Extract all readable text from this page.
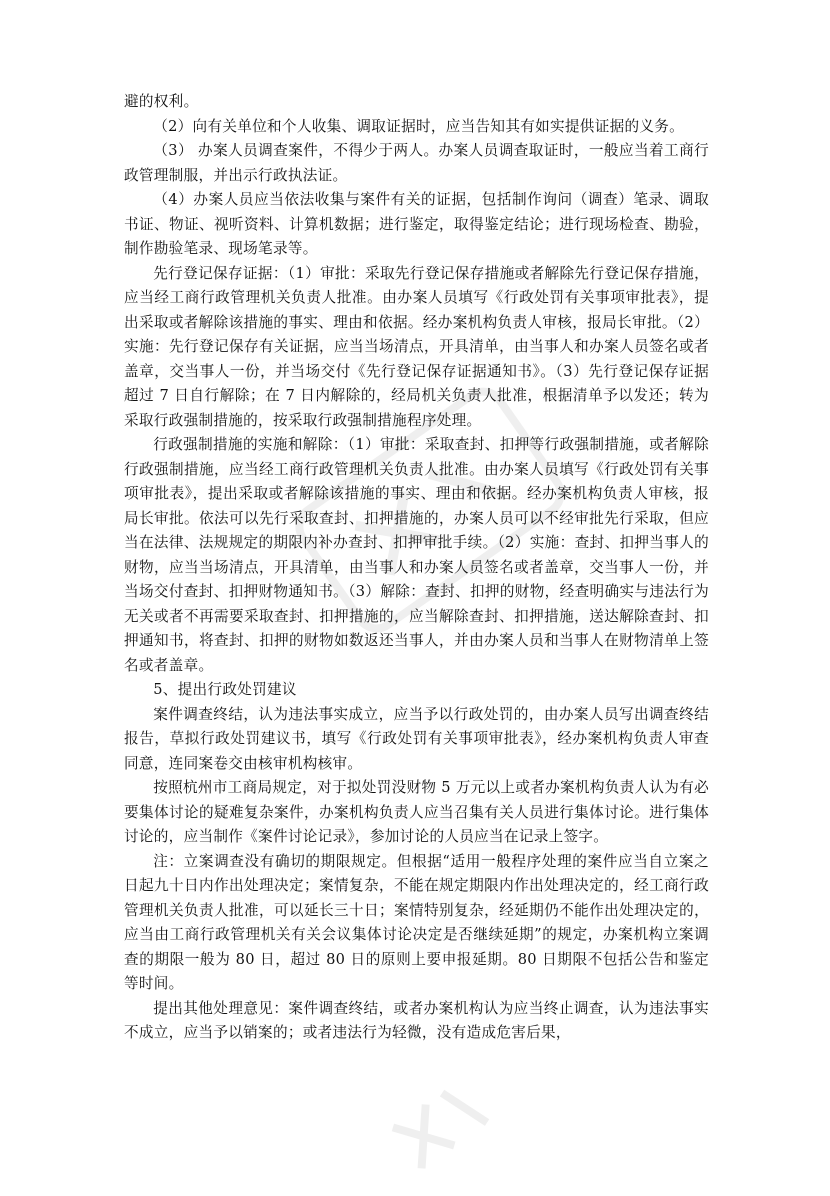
避的权利。

（2）向有关单位和个人收集、调取证据时，应当告知其有如实提供证据的义务。

（3） 办案人员调查案件，不得少于两人。办案人员调查取证时，一般应当着工商行政管理制服，并出示行政执法证。

（4）办案人员应当依法收集与案件有关的证据，包括制作询问（调查）笔录、调取书证、物证、视听资料、计算机数据；进行鉴定，取得鉴定结论；进行现场检查、勘验，制作勘验笔录、现场笔录等。

先行登记保存证据：（1）审批：采取先行登记保存措施或者解除先行登记保存措施，应当经工商行政管理机关负责人批准。由办案人员填写《行政处罚有关事项审批表》，提出采取或者解除该措施的事实、理由和依据。经办案机构负责人审核，报局长审批。（2）实施：先行登记保存有关证据，应当当场清点，开具清单，由当事人和办案人员签名或者盖章，交当事人一份，并当场交付《先行登记保存证据通知书》。（3）先行登记保存证据超过 7 日自行解除；在 7 日内解除的，经局机关负责人批准，根据清单予以发还；转为采取行政强制措施的，按采取行政强制措施程序处理。

行政强制措施的实施和解除：（1）审批：采取查封、扣押等行政强制措施，或者解除行政强制措施，应当经工商行政管理机关负责人批准。由办案人员填写《行政处罚有关事项审批表》，提出采取或者解除该措施的事实、理由和依据。经办案机构负责人审核，报局长审批。依法可以先行采取查封、扣押措施的，办案人员可以不经审批先行采取，但应当在法律、法规规定的期限内补办查封、扣押审批手续。（2）实施：查封、扣押当事人的财物，应当当场清点，开具清单，由当事人和办案人员签名或者盖章，交当事人一份，并当场交付查封、扣押财物通知书。（3）解除：查封、扣押的财物，经查明确实与违法行为无关或者不再需要采取查封、扣押措施的，应当解除查封、扣押措施，送达解除查封、扣押通知书，将查封、扣押的财物如数返还当事人，并由办案人员和当事人在财物清单上签名或者盖章。

5、提出行政处罚建议

案件调查终结，认为违法事实成立，应当予以行政处罚的，由办案人员写出调查终结报告，草拟行政处罚建议书，填写《行政处罚有关事项审批表》，经办案机构负责人审查同意，连同案卷交由核审机构核审。

按照杭州市工商局规定，对于拟处罚没财物 5 万元以上或者办案机构负责人认为有必要集体讨论的疑难复杂案件，办案机构负责人应当召集有关人员进行集体讨论。进行集体讨论的，应当制作《案件讨论记录》，参加讨论的人员应当在记录上签字。

注：立案调查没有确切的期限规定。但根据“适用一般程序处理的案件应当自立案之日起九十日内作出处理决定；案情复杂，不能在规定期限内作出处理决定的，经工商行政管理机关负责人批准，可以延长三十日；案情特别复杂，经延期仍不能作出处理决定的，应当由工商行政管理机关有关会议集体讨论决定是否继续延期”的规定，办案机构立案调查的期限一般为 80 日，超过 80 日的原则上要申报延期。80 日期限不包括公告和鉴定等时间。

提出其他处理意见：案件调查终结，或者办案机构认为应当终止调查，认为违法事实不成立，应当予以销案的；或者违法行为轻微，没有造成危害后果，
